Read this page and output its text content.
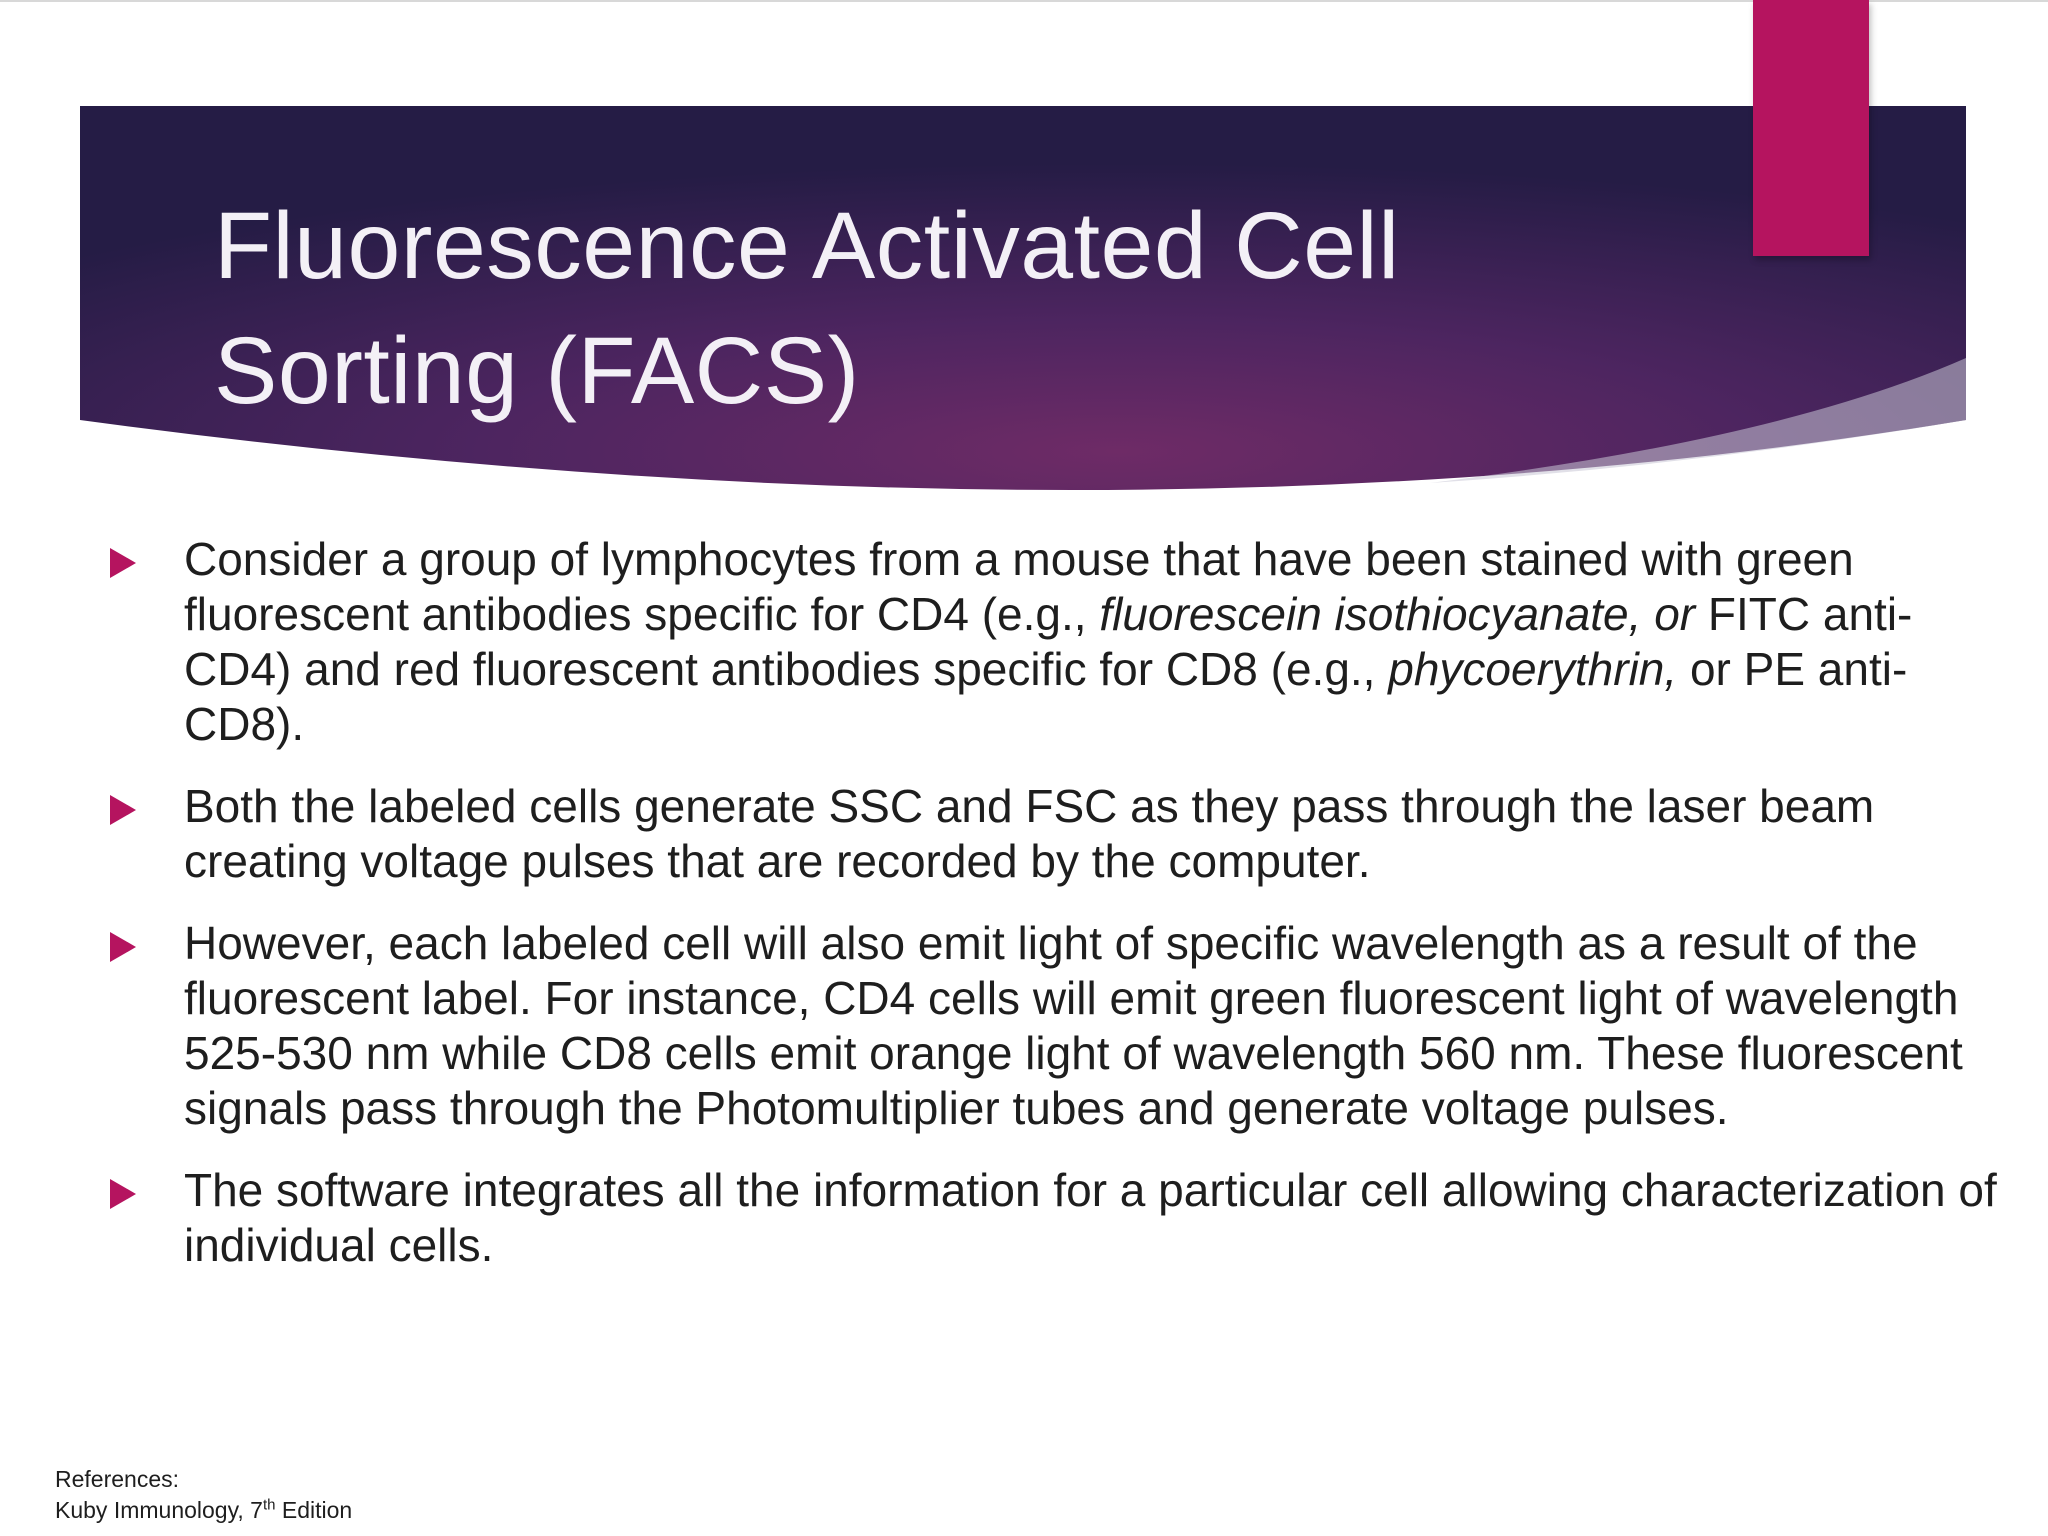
Fluorescence Activated Cell
Sorting (FACS)
Consider a group of lymphocytes from a mouse that have been stained with green fluorescent antibodies specific for CD4 (e.g., fluorescein isothiocyanate, or FITC anti-CD4) and red fluorescent antibodies specific for CD8 (e.g., phycoerythrin, or PE anti-CD8).
Both the labeled cells generate SSC and FSC as they pass through the laser beam creating voltage pulses that are recorded by the computer.
However, each labeled cell will also emit light of specific wavelength as a result of the fluorescent label. For instance, CD4 cells will emit green fluorescent light of wavelength 525-530 nm while CD8 cells emit orange light of wavelength 560 nm. These fluorescent signals pass through the Photomultiplier tubes and generate voltage pulses.
The software integrates all the information for a particular cell allowing characterization of individual cells.
References:
Kuby Immunology, 7th Edition
